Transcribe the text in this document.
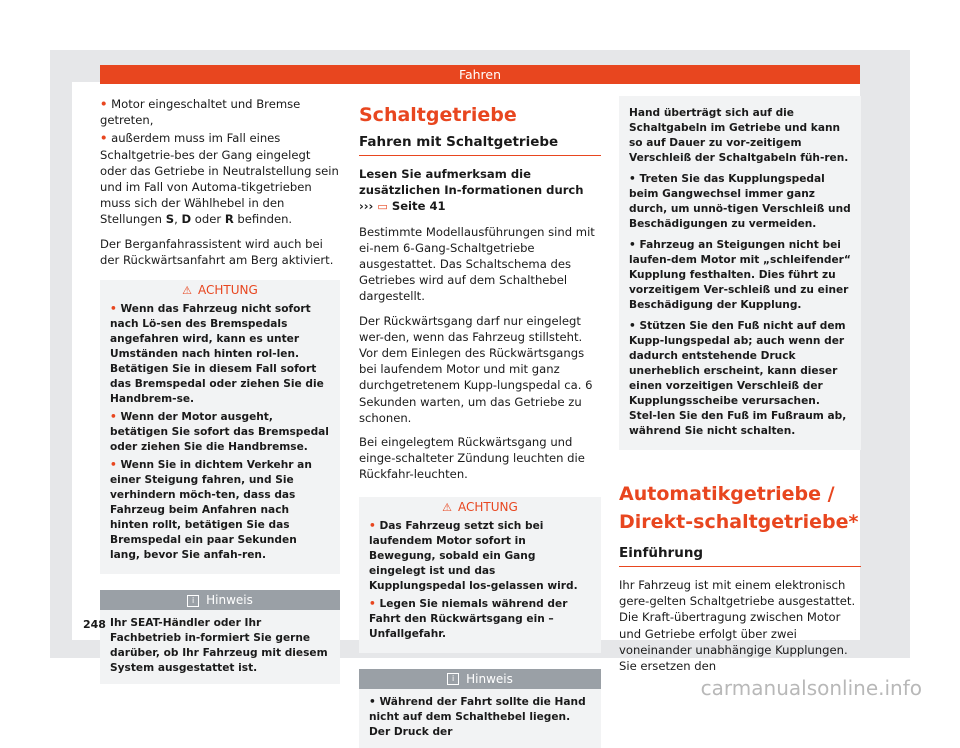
Fahren

• Motor eingeschaltet und Bremse getreten,

• außerdem muss im Fall eines Schaltgetrie-bes der Gang eingelegt oder das Getriebe in Neutralstellung sein und im Fall von Automa-tikgetrieben muss sich der Wählhebel in den Stellungen S, D oder R befinden.

Der Berganfahrassistent wird auch bei der Rückwärtsanfahrt am Berg aktiviert.

⚠ ACHTUNG
• Wenn das Fahrzeug nicht sofort nach Lö-sen des Bremspedals angefahren wird, kann es unter Umständen nach hinten rol-len. Betätigen Sie in diesem Fall sofort das Bremspedal oder ziehen Sie die Handbrem-se.
• Wenn der Motor ausgeht, betätigen Sie sofort das Bremspedal oder ziehen Sie die Handbremse.
• Wenn Sie in dichtem Verkehr an einer Steigung fahren, und Sie verhindern möch-ten, dass das Fahrzeug beim Anfahren nach hinten rollt, betätigen Sie das Bremspedal ein paar Sekunden lang, bevor Sie anfah-ren.
i Hinweis
Ihr SEAT-Händler oder Ihr Fachbetrieb in-formiert Sie gerne darüber, ob Ihr Fahrzeug mit diesem System ausgestattet ist.
Schaltgetriebe
Fahren mit Schaltgetriebe

Lesen Sie aufmerksam die zusätzlichen In-formationen durch ››› ▭ Seite 41

Bestimmte Modellausführungen sind mit ei-nem 6-Gang-Schaltgetriebe ausgestattet. Das Schaltschema des Getriebes wird auf dem Schalthebel dargestellt.

Der Rückwärtsgang darf nur eingelegt wer-den, wenn das Fahrzeug stillsteht. Vor dem Einlegen des Rückwärtsgangs bei laufendem Motor und mit ganz durchgetretenem Kupp-lungspedal ca. 6 Sekunden warten, um das Getriebe zu schonen.

Bei eingelegtem Rückwärtsgang und einge-schalteter Zündung leuchten die Rückfahr-leuchten.

⚠ ACHTUNG
• Das Fahrzeug setzt sich bei laufendem Motor sofort in Bewegung, sobald ein Gang eingelegt ist und das Kupplungspedal los-gelassen wird.
• Legen Sie niemals während der Fahrt den Rückwärtsgang ein – Unfallgefahr.
i Hinweis
• Während der Fahrt sollte die Hand nicht auf dem Schalthebel liegen. Der Druck der
Hand überträgt sich auf die Schaltgabeln im Getriebe und kann so auf Dauer zu vor-zeitigem Verschleiß der Schaltgabeln füh-ren.
• Treten Sie das Kupplungspedal beim Gangwechsel immer ganz durch, um unnö-tigen Verschleiß und Beschädigungen zu vermeiden.
• Fahrzeug an Steigungen nicht bei laufen-dem Motor mit „schleifender“ Kupplung festhalten. Dies führt zu vorzeitigem Ver-schleiß und zu einer Beschädigung der Kupplung.
• Stützen Sie den Fuß nicht auf dem Kupp-lungspedal ab; auch wenn der dadurch entstehende Druck unerheblich erscheint, kann dieser einen vorzeitigen Verschleiß der Kupplungsscheibe verursachen. Stel-len Sie den Fuß im Fußraum ab, während Sie nicht schalten.
Automatikgetriebe / Direkt-schaltgetriebe*
Einführung

Ihr Fahrzeug ist mit einem elektronisch gere-gelten Schaltgetriebe ausgestattet. Die Kraft-übertragung zwischen Motor und Getriebe erfolgt über zwei voneinander unabhängige Kupplungen. Sie ersetzen den

248
carmanualsonline.info
